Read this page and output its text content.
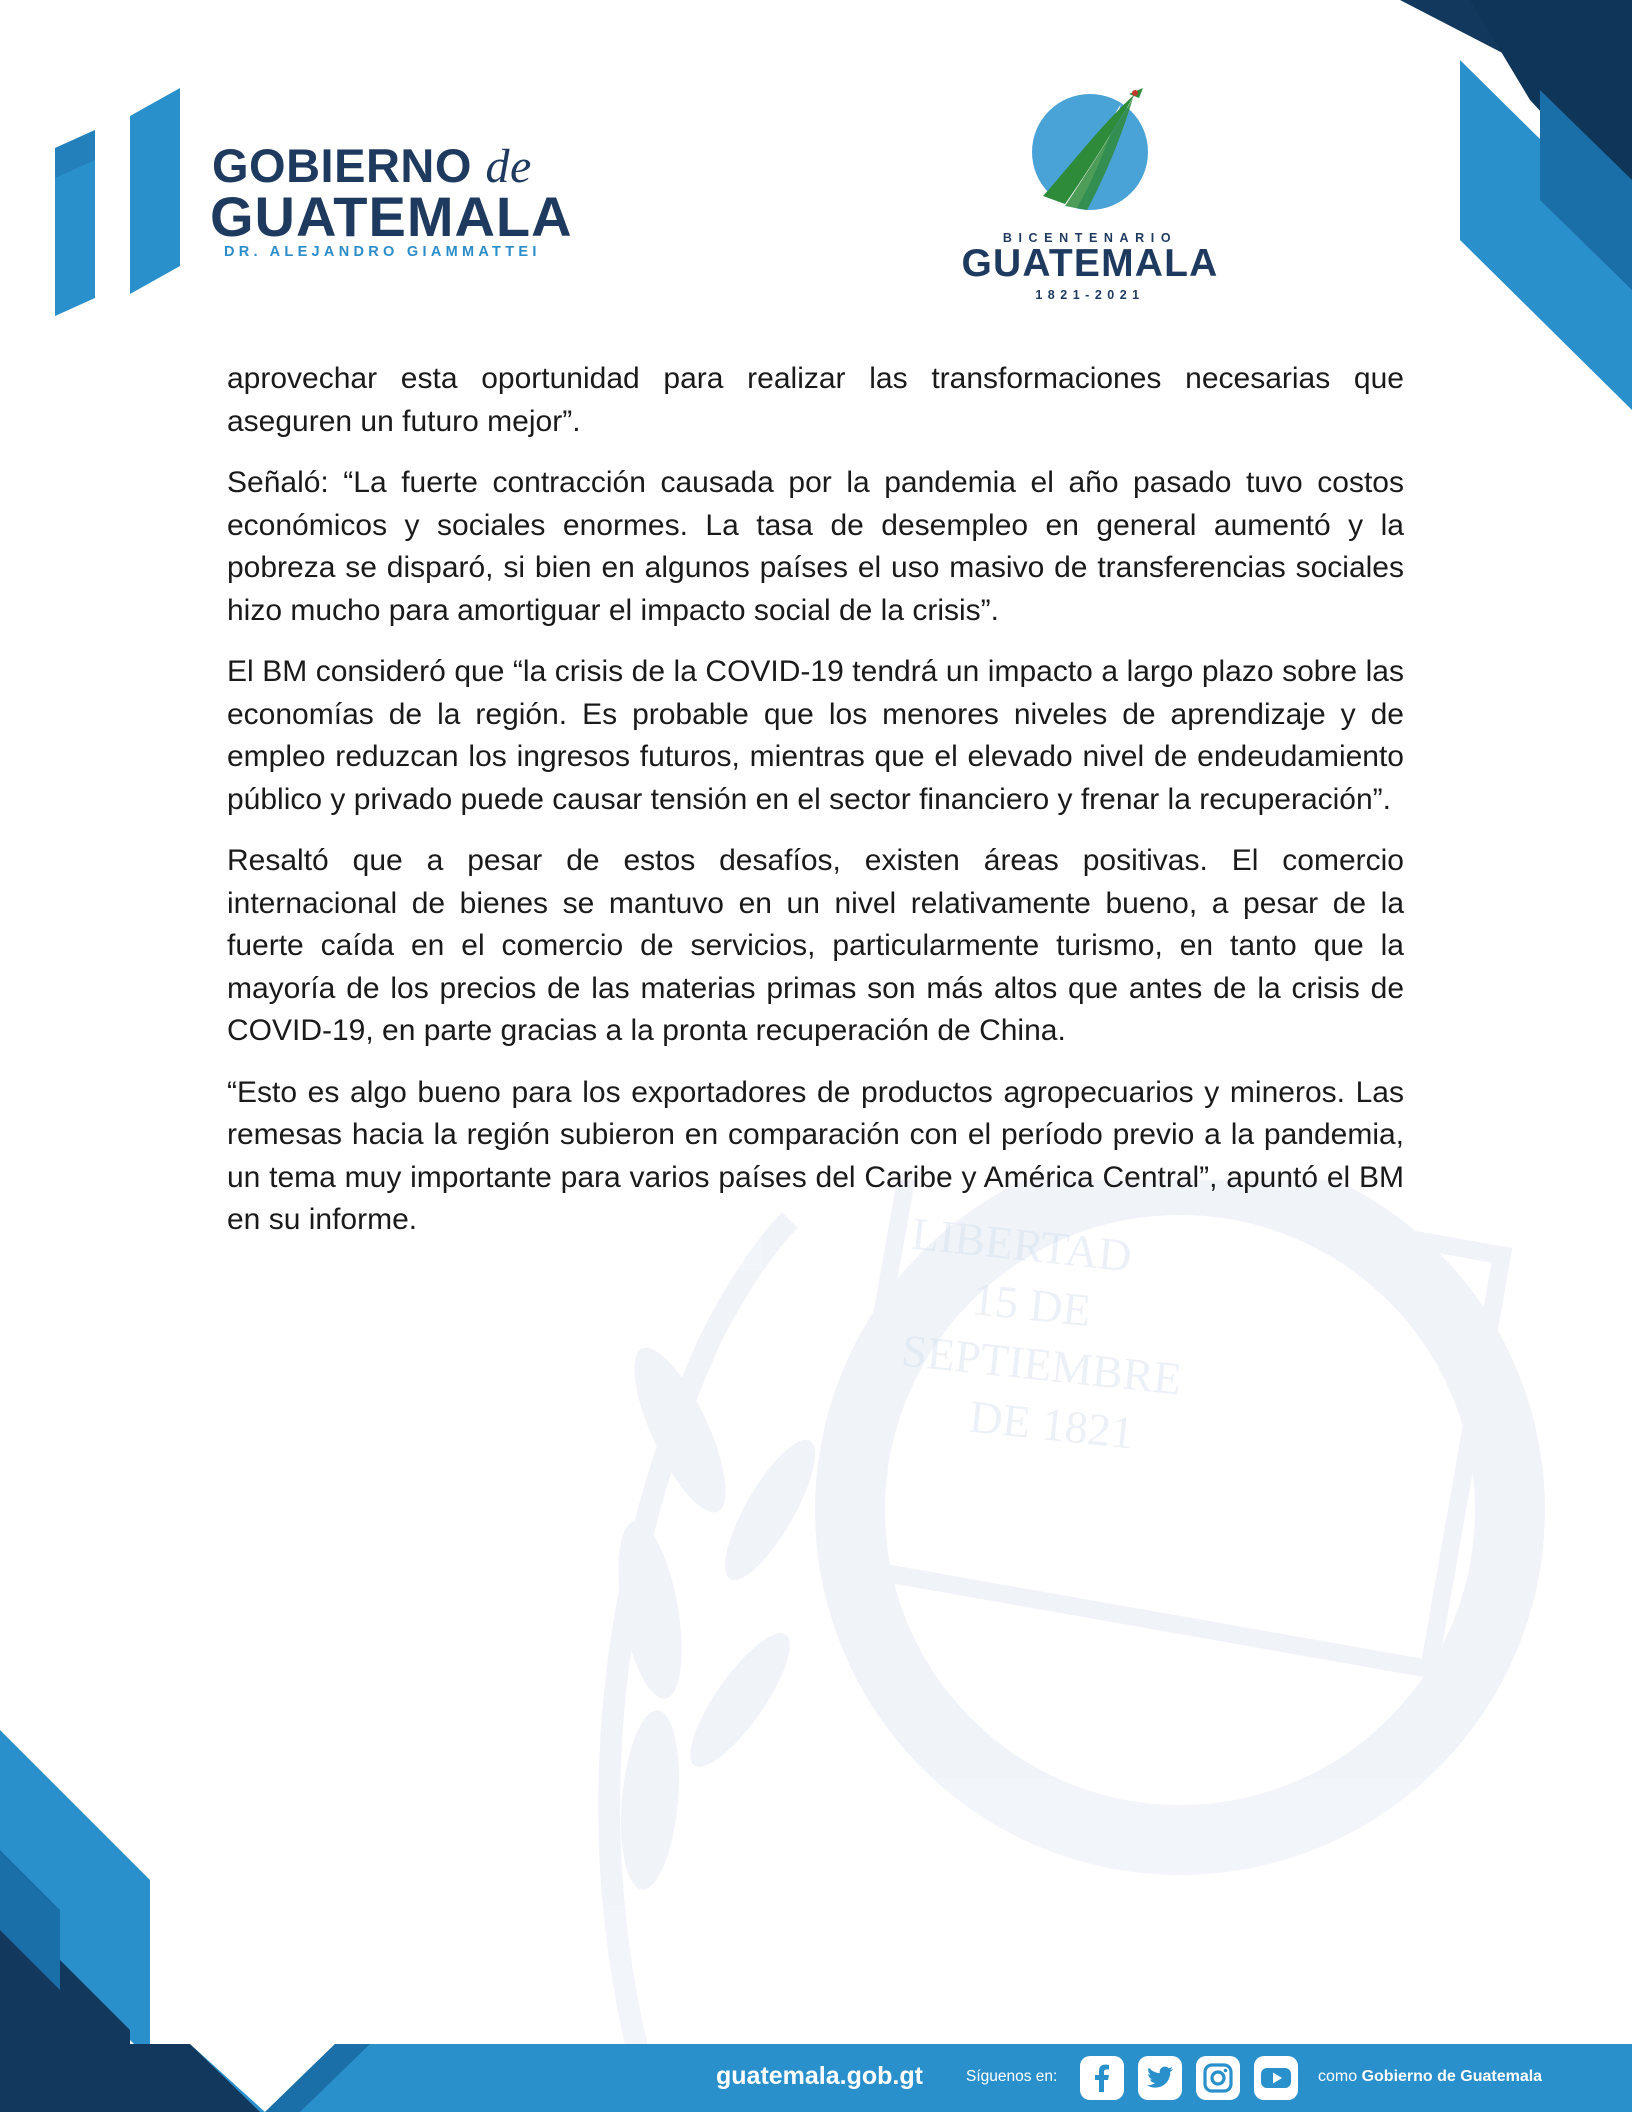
LIBERTAD
15 DE
SEPTIEMBRE
DE 1821
GOBIERNO de
GUATEMALA
DR. ALEJANDRO GIAMMATTEI
BICENTENARIO
GUATEMALA
1821-2021

aprovechar esta oportunidad para realizar las transformaciones necesarias que aseguren un futuro mejor”.

Señaló: “La fuerte contracción causada por la pandemia el año pasado tuvo costos económicos y sociales enormes. La tasa de desempleo en general aumentó y la pobreza se disparó, si bien en algunos países el uso masivo de transferencias sociales hizo mucho para amortiguar el impacto social de la crisis”.

El BM consideró que “la crisis de la COVID-19 tendrá un impacto a largo plazo sobre las economías de la región. Es probable que los menores niveles de aprendizaje y de empleo reduzcan los ingresos futuros, mientras que el elevado nivel de endeudamiento público y privado puede causar tensión en el sector financiero y frenar la recuperación”.

Resaltó que a pesar de estos desafíos, existen áreas positivas. El comercio internacional de bienes se mantuvo en un nivel relativamente bueno, a pesar de la fuerte caída en el comercio de servicios, particularmente turismo, en tanto que la mayoría de los precios de las materias primas son más altos que antes de la crisis de COVID-19, en parte gracias a la pronta recuperación de China.

“Esto es algo bueno para los exportadores de productos agropecuarios y mineros. Las remesas hacia la región subieron en comparación con el período previo a la pandemia, un tema muy importante para varios países del Caribe y América Central”, apuntó el BM en su informe.

guatemala.gob.gt	Síguenos en:	como Gobierno de Guatemala
